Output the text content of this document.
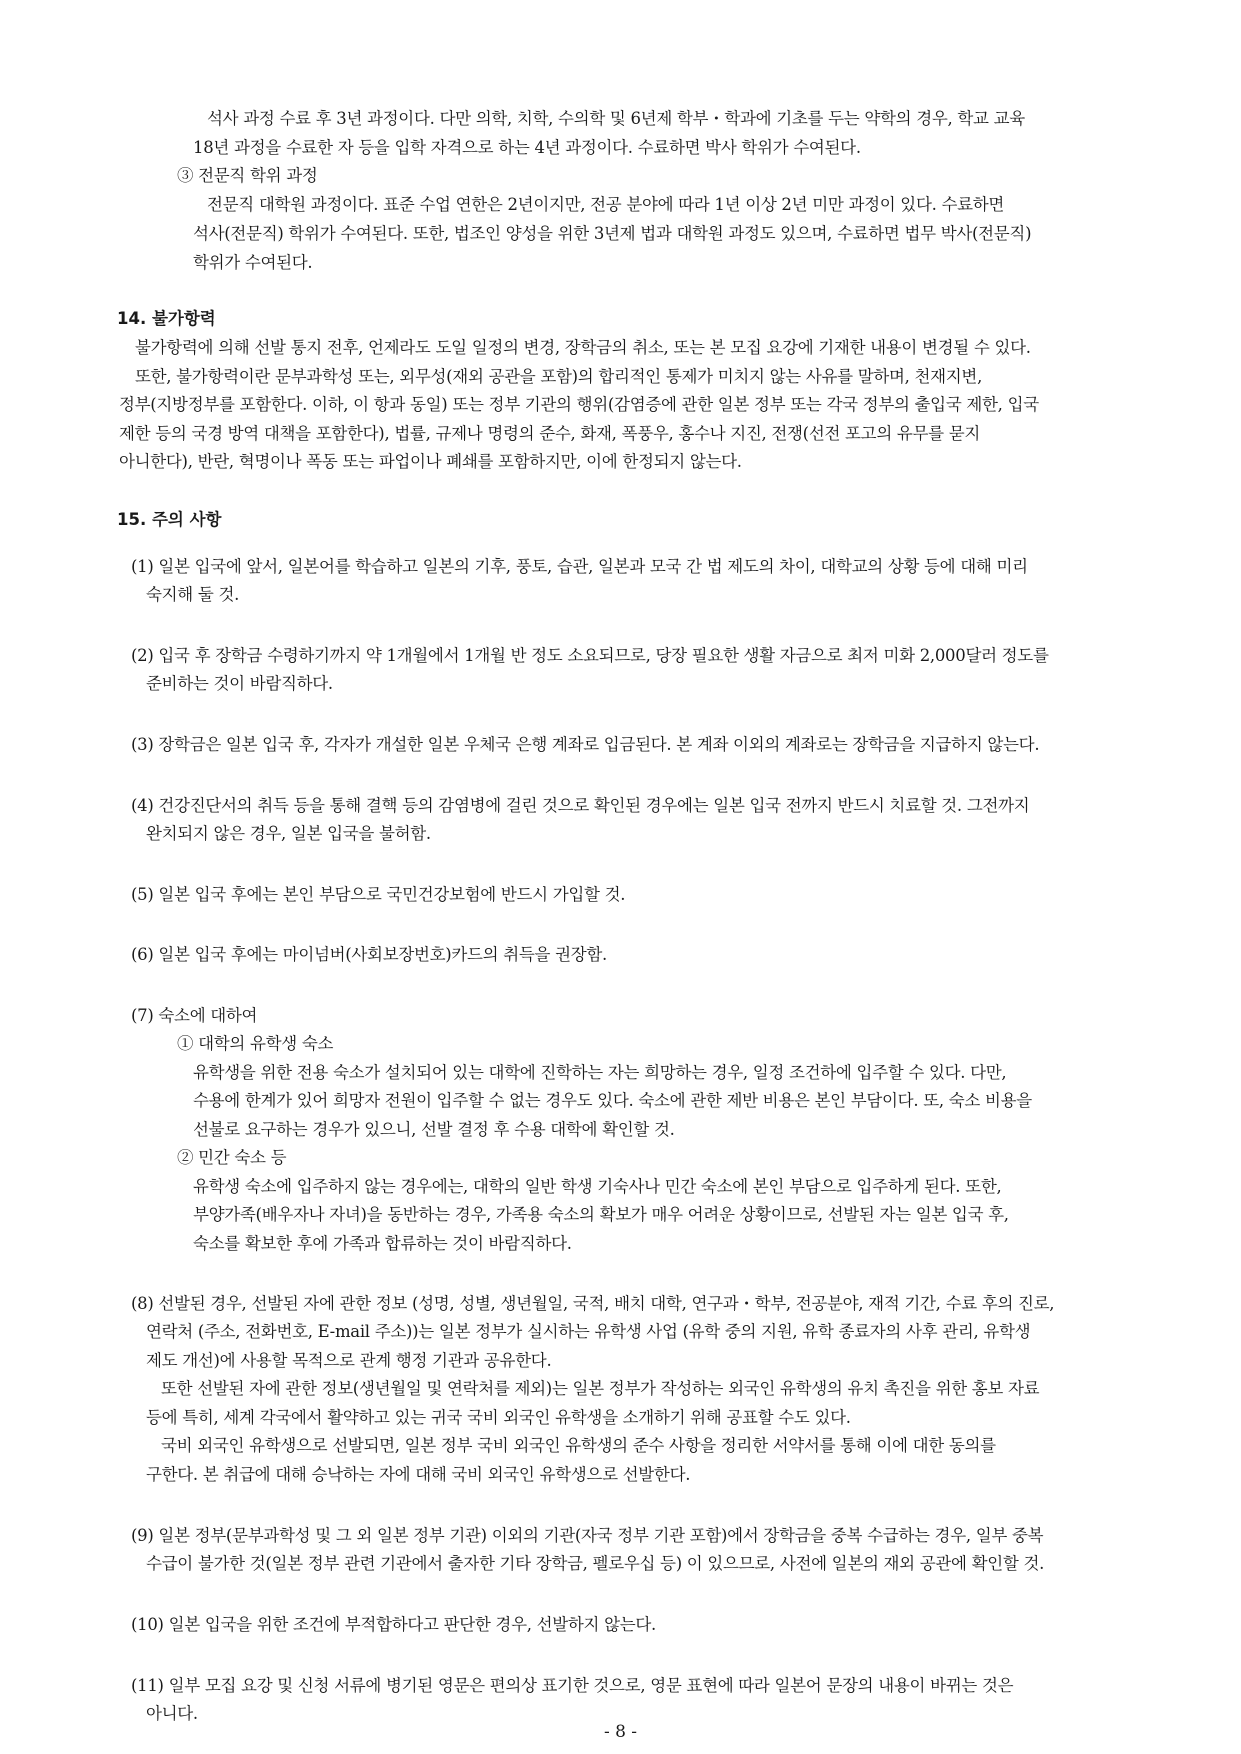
석사 과정 수료 후 3년 과정이다. 다만 의학, 치학, 수의학 및 6년제 학부・학과에 기초를 두는 약학의 경우, 학교 교육
18년 과정을 수료한 자 등을 입학 자격으로 하는 4년 과정이다. 수료하면 박사 학위가 수여된다.
③ 전문직 학위 과정
전문직 대학원 과정이다. 표준 수업 연한은 2년이지만, 전공 분야에 따라 1년 이상 2년 미만 과정이 있다. 수료하면
석사(전문직) 학위가 수여된다. 또한, 법조인 양성을 위한 3년제 법과 대학원 과정도 있으며, 수료하면 법무 박사(전문직)
학위가 수여된다.
14. 불가항력
불가항력에 의해 선발 통지 전후, 언제라도 도일 일정의 변경, 장학금의 취소, 또는 본 모집 요강에 기재한 내용이 변경될 수 있다.
또한, 불가항력이란 문부과학성 또는, 외무성(재외 공관을 포함)의 합리적인 통제가 미치지 않는 사유를 말하며, 천재지변,
정부(지방정부를 포함한다. 이하, 이 항과 동일) 또는 정부 기관의 행위(감염증에 관한 일본 정부 또는 각국 정부의 출입국 제한, 입국
제한 등의 국경 방역 대책을 포함한다), 법률, 규제나 명령의 준수, 화재, 폭풍우, 홍수나 지진, 전쟁(선전 포고의 유무를 묻지
아니한다), 반란, 혁명이나 폭동 또는 파업이나 폐쇄를 포함하지만, 이에 한정되지 않는다.
15. 주의 사항
(1) 일본 입국에 앞서, 일본어를 학습하고 일본의 기후, 풍토, 습관, 일본과 모국 간 법 제도의 차이, 대학교의 상황 등에 대해 미리
숙지해 둘 것.
(2) 입국 후 장학금 수령하기까지 약 1개월에서 1개월 반 정도 소요되므로, 당장 필요한 생활 자금으로 최저 미화 2,000달러 정도를
준비하는 것이 바람직하다.
(3) 장학금은 일본 입국 후, 각자가 개설한 일본 우체국 은행 계좌로 입금된다. 본 계좌 이외의 계좌로는 장학금을 지급하지 않는다.
(4) 건강진단서의 취득 등을 통해 결핵 등의 감염병에 걸린 것으로 확인된 경우에는 일본 입국 전까지 반드시 치료할 것. 그전까지
완치되지 않은 경우, 일본 입국을 불허함.
(5) 일본 입국 후에는 본인 부담으로 국민건강보험에 반드시 가입할 것.
(6) 일본 입국 후에는 마이넘버(사회보장번호)카드의 취득을 권장함.
(7) 숙소에 대하여
① 대학의 유학생 숙소
유학생을 위한 전용 숙소가 설치되어 있는 대학에 진학하는 자는 희망하는 경우, 일정 조건하에 입주할 수 있다. 다만,
수용에 한계가 있어 희망자 전원이 입주할 수 없는 경우도 있다. 숙소에 관한 제반 비용은 본인 부담이다. 또, 숙소 비용을
선불로 요구하는 경우가 있으니, 선발 결정 후 수용 대학에 확인할 것.
② 민간 숙소 등
유학생 숙소에 입주하지 않는 경우에는, 대학의 일반 학생 기숙사나 민간 숙소에 본인 부담으로 입주하게 된다. 또한,
부양가족(배우자나 자녀)을 동반하는 경우, 가족용 숙소의 확보가 매우 어려운 상황이므로, 선발된 자는 일본 입국 후,
숙소를 확보한 후에 가족과 합류하는 것이 바람직하다.
(8) 선발된 경우, 선발된 자에 관한 정보 (성명, 성별, 생년월일, 국적, 배치 대학, 연구과・학부, 전공분야, 재적 기간, 수료 후의 진로,
연락처 (주소, 전화번호, E-mail 주소))는 일본 정부가 실시하는 유학생 사업 (유학 중의 지원, 유학 종료자의 사후 관리, 유학생
제도 개선)에 사용할 목적으로 관계 행정 기관과 공유한다.
또한 선발된 자에 관한 정보(생년월일 및 연락처를 제외)는 일본 정부가 작성하는 외국인 유학생의 유치 촉진을 위한 홍보 자료
등에 특히, 세계 각국에서 활약하고 있는 귀국 국비 외국인 유학생을 소개하기 위해 공표할 수도 있다.
국비 외국인 유학생으로 선발되면, 일본 정부 국비 외국인 유학생의 준수 사항을 정리한 서약서를 통해 이에 대한 동의를
구한다. 본 취급에 대해 승낙하는 자에 대해 국비 외국인 유학생으로 선발한다.
(9) 일본 정부(문부과학성 및 그 외 일본 정부 기관) 이외의 기관(자국 정부 기관 포함)에서 장학금을 중복 수급하는 경우, 일부 중복
수급이 불가한 것(일본 정부 관련 기관에서 출자한 기타 장학금, 펠로우십 등) 이 있으므로, 사전에 일본의 재외 공관에 확인할 것.
(10) 일본 입국을 위한 조건에 부적합하다고 판단한 경우, 선발하지 않는다.
(11) 일부 모집 요강 및 신청 서류에 병기된 영문은 편의상 표기한 것으로, 영문 표현에 따라 일본어 문장의 내용이 바뀌는 것은
아니다.
- 8 -
